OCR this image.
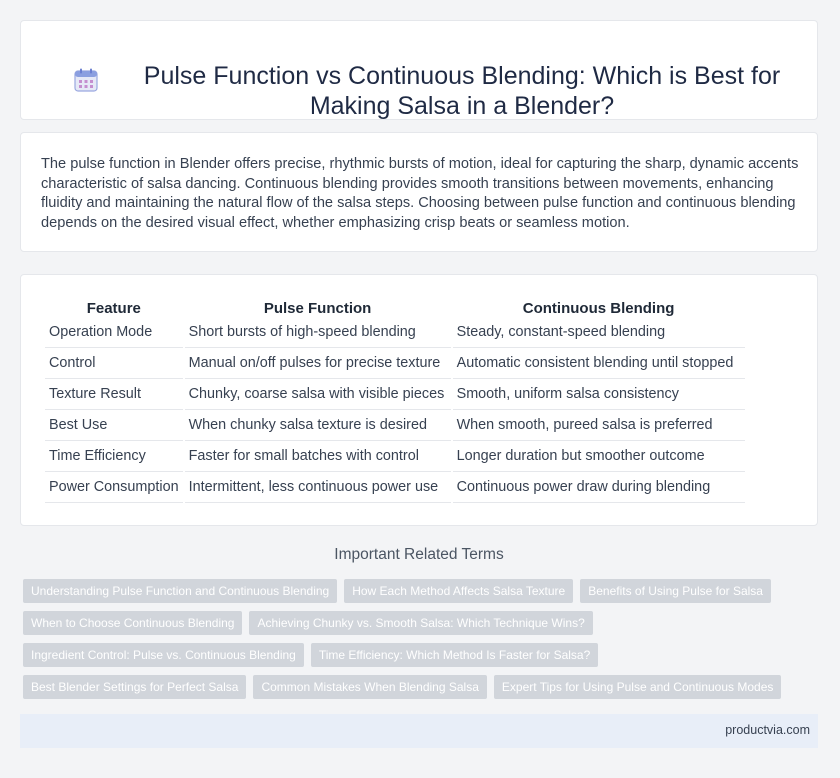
Pulse Function vs Continuous Blending: Which is Best for Making Salsa in a Blender?

The pulse function in Blender offers precise, rhythmic bursts of motion, ideal for capturing the sharp, dynamic accents characteristic of salsa dancing. Continuous blending provides smooth transitions between movements, enhancing fluidity and maintaining the natural flow of the salsa steps. Choosing between pulse function and continuous blending depends on the desired visual effect, whether emphasizing crisp beats or seamless motion.

Feature	Pulse Function	Continuous Blending
Operation Mode	Short bursts of high-speed blending	Steady, constant-speed blending
Control	Manual on/off pulses for precise texture	Automatic consistent blending until stopped
Texture Result	Chunky, coarse salsa with visible pieces	Smooth, uniform salsa consistency
Best Use	When chunky salsa texture is desired	When smooth, pureed salsa is preferred
Time Efficiency	Faster for small batches with control	Longer duration but smoother outcome
Power Consumption	Intermittent, less continuous power use	Continuous power draw during blending
Important Related Terms
Understanding Pulse Function and Continuous Blending	How Each Method Affects Salsa Texture	Benefits of Using Pulse for Salsa
When to Choose Continuous Blending	Achieving Chunky vs. Smooth Salsa: Which Technique Wins?
Ingredient Control: Pulse vs. Continuous Blending	Time Efficiency: Which Method Is Faster for Salsa?
Best Blender Settings for Perfect Salsa	Common Mistakes When Blending Salsa	Expert Tips for Using Pulse and Continuous Modes
productvia.com
